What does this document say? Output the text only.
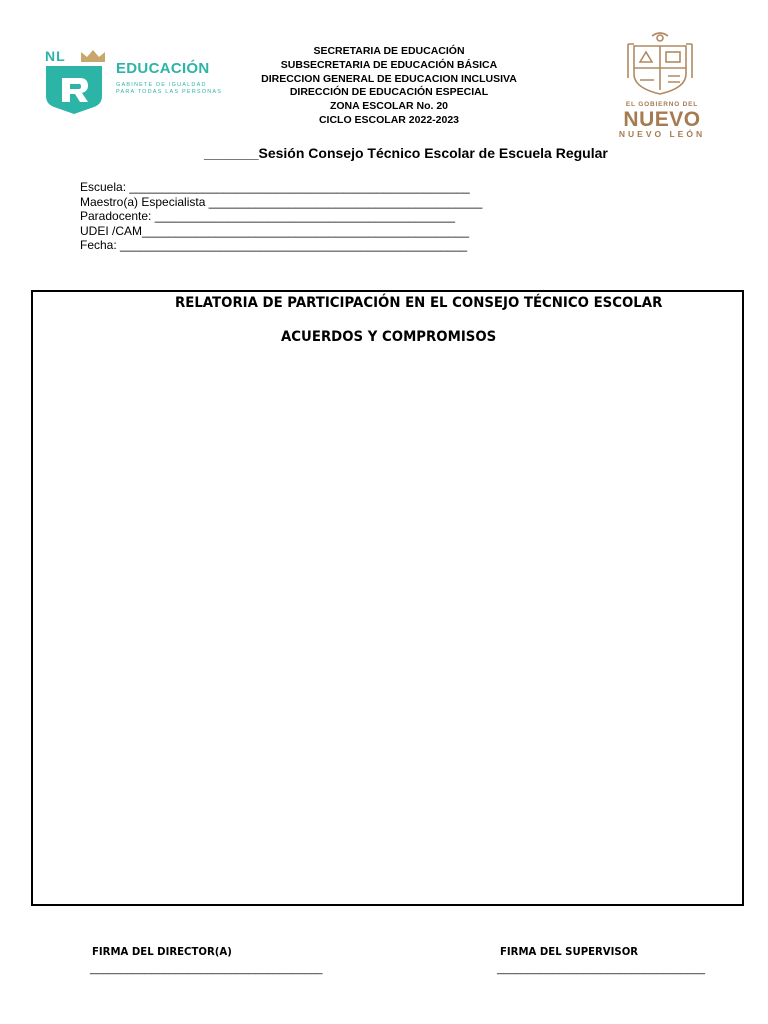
NL
EDUCACIÓN
GABINETE DE IGUALDAD
PARA TODAS LAS PERSONAS
SECRETARIA DE EDUCACIÓN
SUBSECRETARIA DE EDUCACIÓN BÁSICA
DIRECCION GENERAL DE EDUCACION INCLUSIVA
DIRECCIÓN DE EDUCACIÓN ESPECIAL
ZONA ESCOLAR No. 20
CICLO ESCOLAR 2022-2023
EL GOBIERNO DEL
NUEVO
NUEVO LEÓN
_______Sesión Consejo Técnico Escolar de Escuela Regular
Escuela: ___________________________________________________
Maestro(a) Especialista _________________________________________
Paradocente: _____________________________________________
UDEI /CAM_________________________________________________
Fecha: ____________________________________________________
RELATORIA DE PARTICIPACIÓN EN EL CONSEJO TÉCNICO ESCOLAR
ACUERDOS Y COMPROMISOS
FIRMA DEL DIRECTOR(A)
______________________________________
FIRMA DEL SUPERVISOR
__________________________________
